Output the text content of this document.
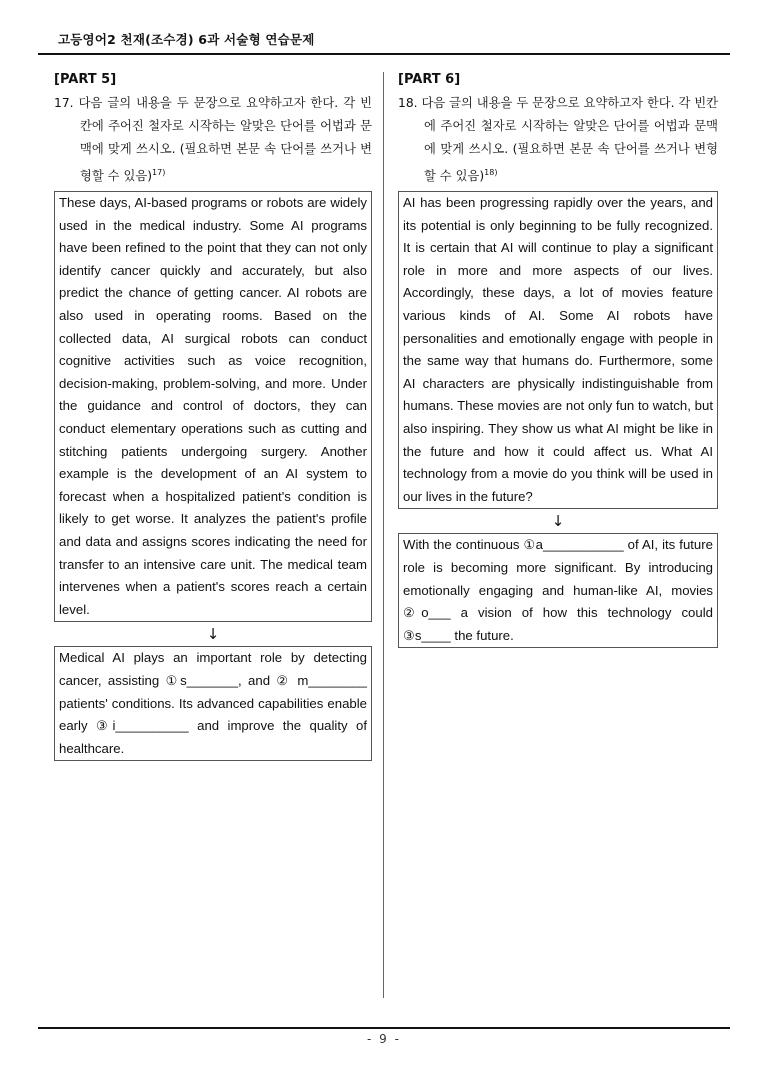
고등영어2 천재(조수경) 6과 서술형 연습문제
[PART 5]
17. 다음 글의 내용을 두 문장으로 요약하고자 한다. 각 빈칸에 주어진 철자로 시작하는 알맞은 단어를 어법과 문맥에 맞게 쓰시오. (필요하면 본문 속 단어를 쓰거나 변형할 수 있음)$^{17)}$
These days, AI-based programs or robots are widely used in the medical industry. Some AI programs have been refined to the point that they can not only identify cancer quickly and accurately, but also predict the chance of getting cancer. AI robots are also used in operating rooms. Based on the collected data, AI surgical robots can conduct cognitive activities such as voice recognition, decision-making, problem-solving, and more. Under the guidance and control of doctors, they can conduct elementary operations such as cutting and stitching patients undergoing surgery. Another example is the development of an AI system to forecast when a hospitalized patient's condition is likely to get worse. It analyzes the patient's profile and data and assigns scores indicating the need for transfer to an intensive care unit. The medical team intervenes when a patient's scores reach a certain level.
↓
Medical AI plays an important role by detecting cancer, assisting ①s_______, and ② m________ patients' conditions. Its advanced capabilities enable early ③i__________ and improve the quality of healthcare.
[PART 6]
18. 다음 글의 내용을 두 문장으로 요약하고자 한다. 각 빈칸에 주어진 철자로 시작하는 알맞은 단어를 어법과 문맥에 맞게 쓰시오. (필요하면 본문 속 단어를 쓰거나 변형할 수 있음)$^{18)}$
AI has been progressing rapidly over the years, and its potential is only beginning to be fully recognized. It is certain that AI will continue to play a significant role in more and more aspects of our lives. Accordingly, these days, a lot of movies feature various kinds of AI. Some AI robots have personalities and emotionally engage with people in the same way that humans do. Furthermore, some AI characters are physically indistinguishable from humans. These movies are not only fun to watch, but also inspiring. They show us what AI might be like in the future and how it could affect us. What AI technology from a movie do you think will be used in our lives in the future?
↓
With the continuous ①a___________ of AI, its future role is becoming more significant. By introducing emotionally engaging and human-like AI, movies ②o___ a vision of how this technology could ③s____ the future.
- 9 -
